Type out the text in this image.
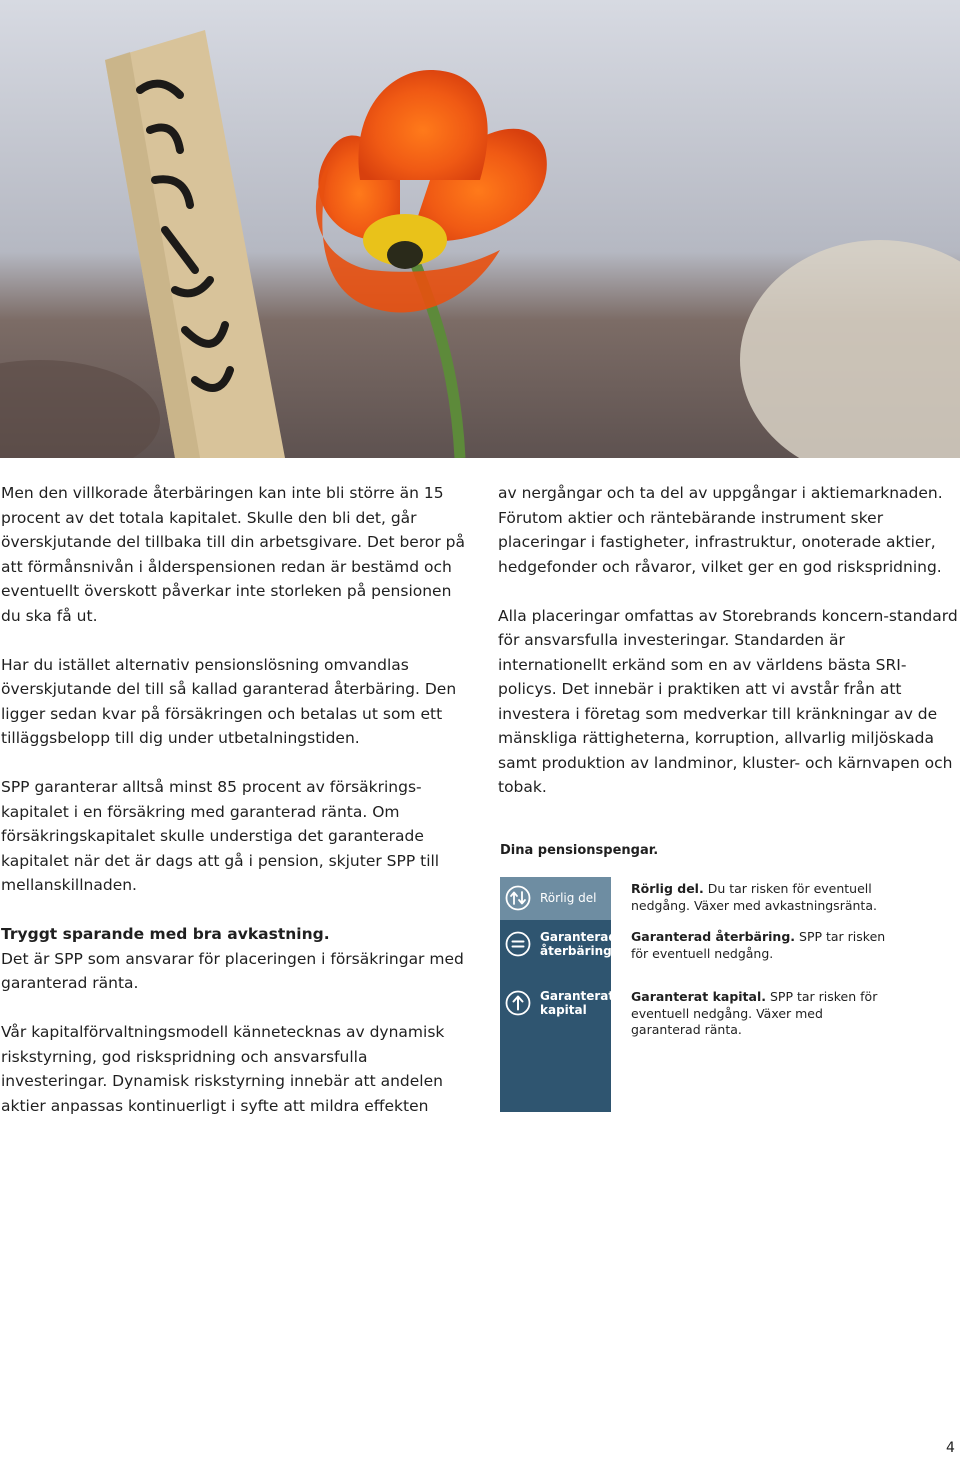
Men den villkorade återbäringen kan inte bli större än 15 procent av det totala kapitalet. Skulle den bli det, går överskjutande del tillbaka till din arbetsgivare. Det beror på att förmånsnivån i ålderspensionen redan är bestämd och eventuellt överskott påverkar inte storleken på pensionen du ska få ut.

Har du istället alternativ pensionslösning omvandlas överskjutande del till så kallad garanterad återbäring. Den ligger sedan kvar på försäkringen och betalas ut som ett tilläggsbelopp till dig under utbetalningstiden.

SPP garanterar alltså minst 85 procent av försäkrings-kapitalet i en försäkring med garanterad ränta. Om försäkringskapitalet skulle understiga det garanterade kapitalet när det är dags att gå i pension, skjuter SPP till mellanskillnaden.

Tryggt sparande med bra avkastning.
Det är SPP som ansvarar för placeringen i försäkringar med garanterad ränta.

Vår kapitalförvaltningsmodell kännetecknas av dynamisk riskstyrning, god riskspridning och ansvarsfulla investeringar. Dynamisk riskstyrning innebär att andelen aktier anpassas kontinuerligt i syfte att mildra effekten

av nergångar och ta del av uppgångar i aktiemarknaden. Förutom aktier och räntebärande instrument sker placeringar i fastigheter, infrastruktur, onoterade aktier, hedgefonder och råvaror, vilket ger en god riskspridning.

Alla placeringar omfattas av Storebrands koncern-standard för ansvarsfulla investeringar. Standarden är internationellt erkänd som en av världens bästa SRI-policys. Det innebär i praktiken att vi avstår från att investera i företag som medverkar till kränkningar av de mänskliga rättigheterna, korruption, allvarlig miljöskada samt produktion av landminor, kluster- och kärnvapen och tobak.

Dina pensionspengar.
Rörlig del
Garanterad återbäring
Garanterat kapital
Rörlig del. Du tar risken för eventuell nedgång. Växer med avkastningsränta.
Garanterad återbäring. SPP tar risken för eventuell nedgång.
Garanterat kapital. SPP tar risken för eventuell nedgång. Växer med garanterad ränta.
4
